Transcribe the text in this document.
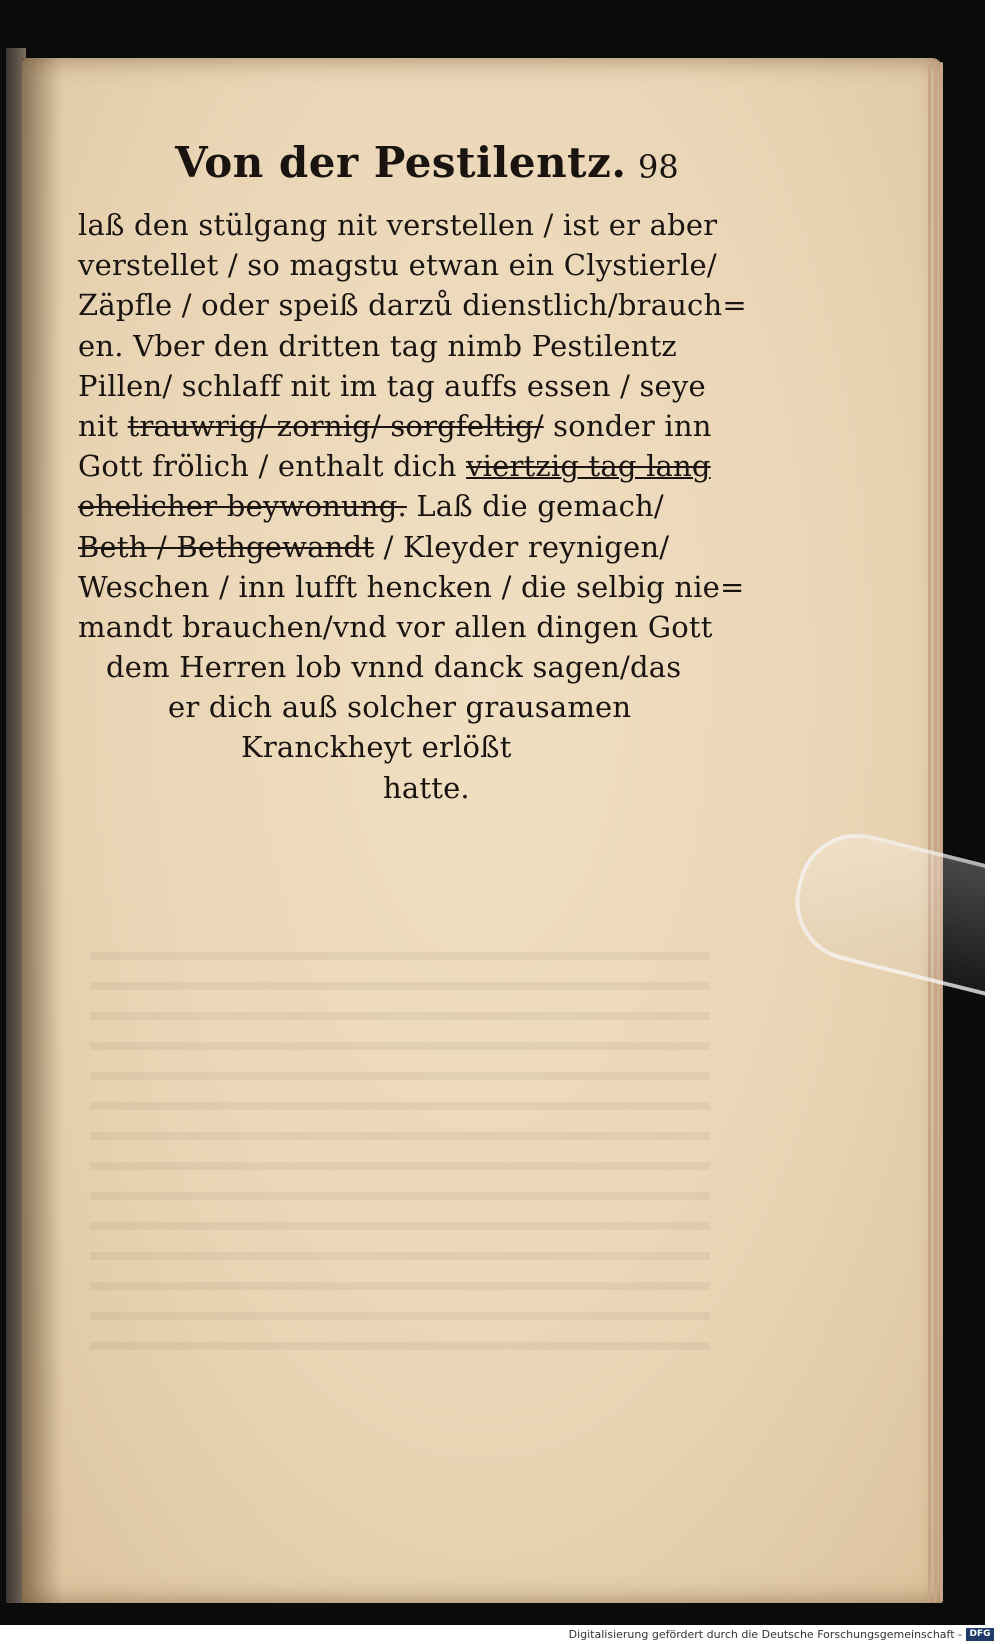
Von der Pestilentz. 98
laß den stülgang nit verstellen / ist er aber
verstellet / so magstu etwan ein Clystierle/
Zäpfle / oder speiß darzů dienstlich/brauch=
en. Vber den dritten tag nimb Pestilentz
Pillen/ schlaff nit im tag auffs essen / seye
nit trauwrig/ zornig/ sorgfeltig/ sonder inn
Gott frölich / enthalt dich viertzig tag lang
ehelicher beywonung. Laß die gemach/
Beth / Bethgewandt / Kleyder reynigen/
Weschen / inn lufft hencken / die selbig nie=
mandt brauchen/vnd vor allen dingen Gott
dem Herren lob vnnd danck sagen/das
er dich auß solcher grausamen
Kranckheyt erlößt
hatte.
Digitalisierung gefördert durch die Deutsche Forschungsgemeinschaft - DFG
